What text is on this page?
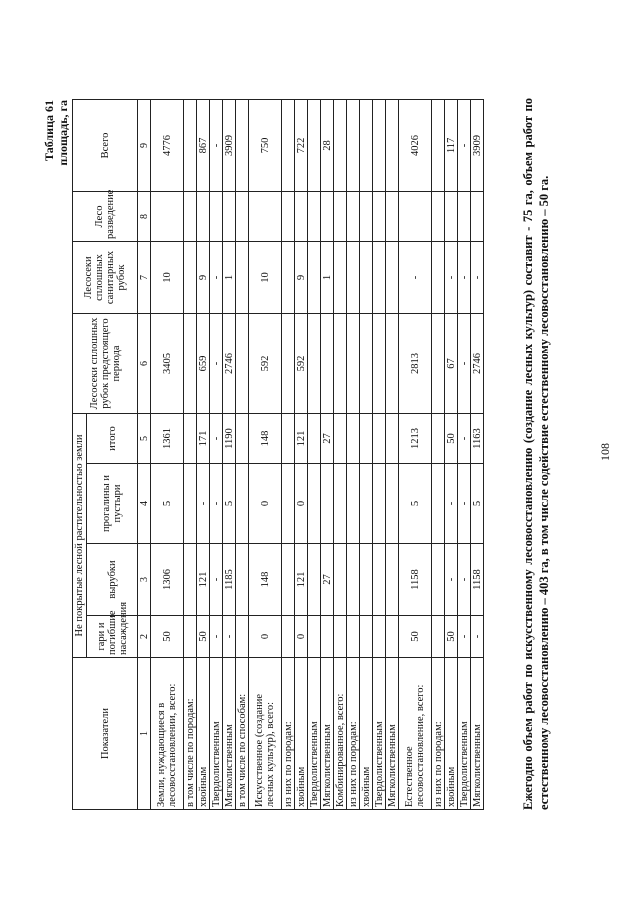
Таблица 61 площадь, га
Показатели	Не покрытые лесной растительностью земли				Лесосеки сплошных рубок предстоящего периода	Лесосеки сплошных санитарных рубок	Лесо разведение	Всего
	гари и погибшие насаждения	вырубки	прогалины и пустыри	итого				
1	2	3	4	5	6	7	8	9
Земли, нуждающиеся в лесовосстановлении, всего:	50	1306	5	1361	3405	10		4776
в том числе по породам:								
хвойным	50	121	-	171	659	9		867
Твердолиственным	-	-	-	-	-	-		-
Мягколиственным	-	1185	5	1190	2746	1		3909
в том числе по способам:								
Искусственное (создание лесных культур), всего:	0	148	0	148	592	10		750
из них по породам:								
хвойным	0	121	0	121	592	9		722
Твердолиственным								
Мягколиственным		27		27		1		28
Комбинированное, всего:								
из них по породам:								
хвойным								
Твердолиственным								
Мягколиственным								
Естественное лесовосстановление, всего:	50	1158	5	1213	2813	-		4026
из них по породам:								
хвойным	50	-	-	50	67	-		117
Твердолиственным	-	-	-	-	-	-		-
Мягколиственным	-	1158	5	1163	2746	-		3909	Ежегодно объем работ по искусственному лесовосстановлению (создание лесных культур) составит - 75 га, объем работ по естественному лесовосстановлению – 403 га, в том числе содействие естественному лесовосстановлению – 50 га.	108
